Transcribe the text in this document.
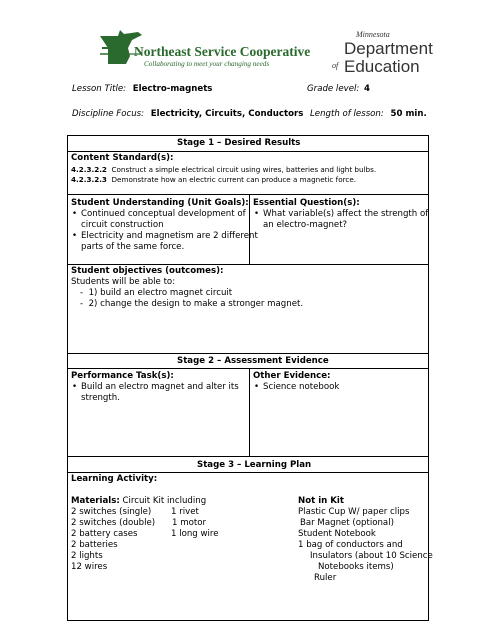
Northeast Service Cooperative
Collaborating to meet your changing needs
Minnesota
Department
of Education
Lesson Title: Electro-magnets	Grade level: 4
Discipline Focus: Electricity, Circuits, Conductors Length of lesson: 50 min.
Stage 1 – Desired Results
Content Standard(s):
4.2.3.2.2 Construct a simple electrical circuit using wires, batteries and light bulbs.
4.2.3.2.3 Demonstrate how an electric current can produce a magnetic force.
Student Understanding (Unit Goals):
• Continued conceptual development of
circuit construction
• Electricity and magnetism are 2 different
parts of the same force.
Essential Question(s):
• What variable(s) affect the strength of
an electro-magnet?
Student objectives (outcomes):
Students will be able to:
-  1) build an electro magnet circuit
-  2) change the design to make a stronger magnet.
Stage 2 – Assessment Evidence
Performance Task(s):
• Build an electro magnet and alter its
strength.
Other Evidence:
• Science notebook
Stage 3 – Learning Plan
Learning Activity:
Materials: Circuit Kit including
2 switches (single)
2 switches (double)
2 battery cases
2 batteries
2 lights
12 wires
1 rivet
1 motor
1 long wire
Not in Kit
Plastic Cup W/ paper clips
Bar Magnet (optional)
Student Notebook
1 bag of conductors and
Insulators (about 10 Science
Notebooks items)
Ruler
